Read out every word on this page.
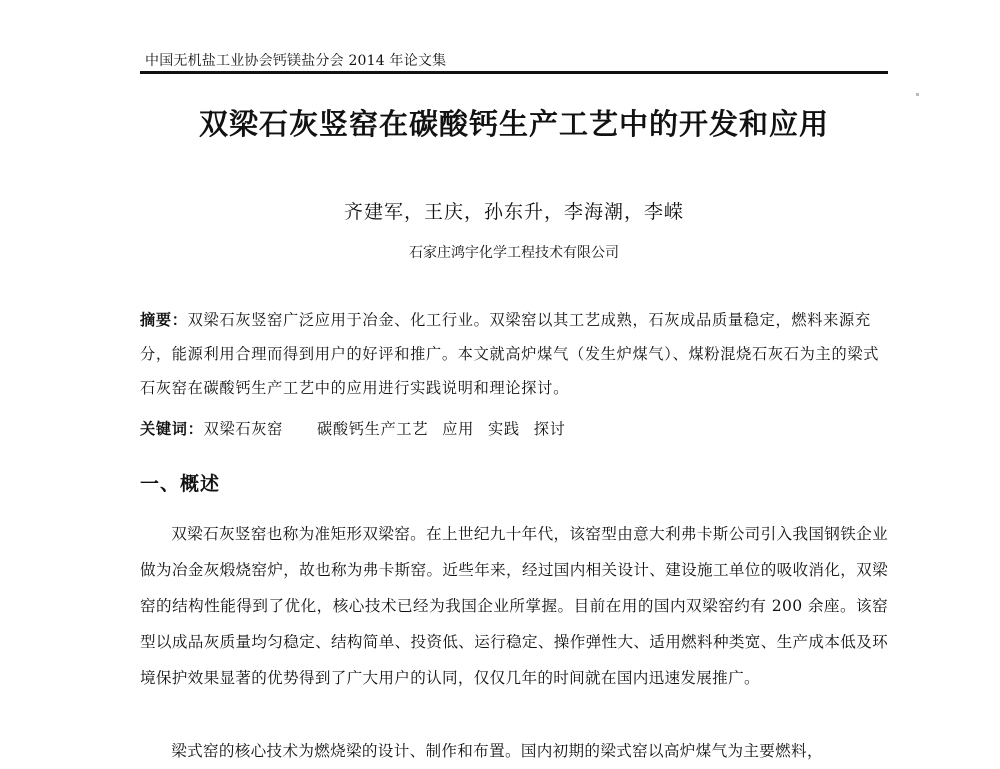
中国无机盐工业协会钙镁盐分会 2014 年论文集
双梁石灰竖窑在碳酸钙生产工艺中的开发和应用
齐建军，王庆，孙东升，李海潮，李嵘
石家庄鸿宇化学工程技术有限公司
摘要：双梁石灰竖窑广泛应用于冶金、化工行业。双梁窑以其工艺成熟，石灰成品质量稳定，燃料来源充分，能源利用合理而得到用户的好评和推广。本文就高炉煤气（发生炉煤气）、煤粉混烧石灰石为主的梁式石灰窑在碳酸钙生产工艺中的应用进行实践说明和理论探讨。
关键词：双梁石灰窑 碳酸钙生产工艺 应用 实践 探讨
一、概述

双梁石灰竖窑也称为准矩形双梁窑。在上世纪九十年代，该窑型由意大利弗卡斯公司引入我国钢铁企业做为冶金灰煅烧窑炉，故也称为弗卡斯窑。近些年来，经过国内相关设计、建设施工单位的吸收消化，双梁窑的结构性能得到了优化，核心技术已经为我国企业所掌握。目前在用的国内双梁窑约有 200 余座。该窑型以成品灰质量均匀稳定、结构简单、投资低、运行稳定、操作弹性大、适用燃料种类宽、生产成本低及环境保护效果显著的优势得到了广大用户的认同，仅仅几年的时间就在国内迅速发展推广。

梁式窑的核心技术为燃烧梁的设计、制作和布置。国内初期的梁式窑以高炉煤气为主要燃料，
